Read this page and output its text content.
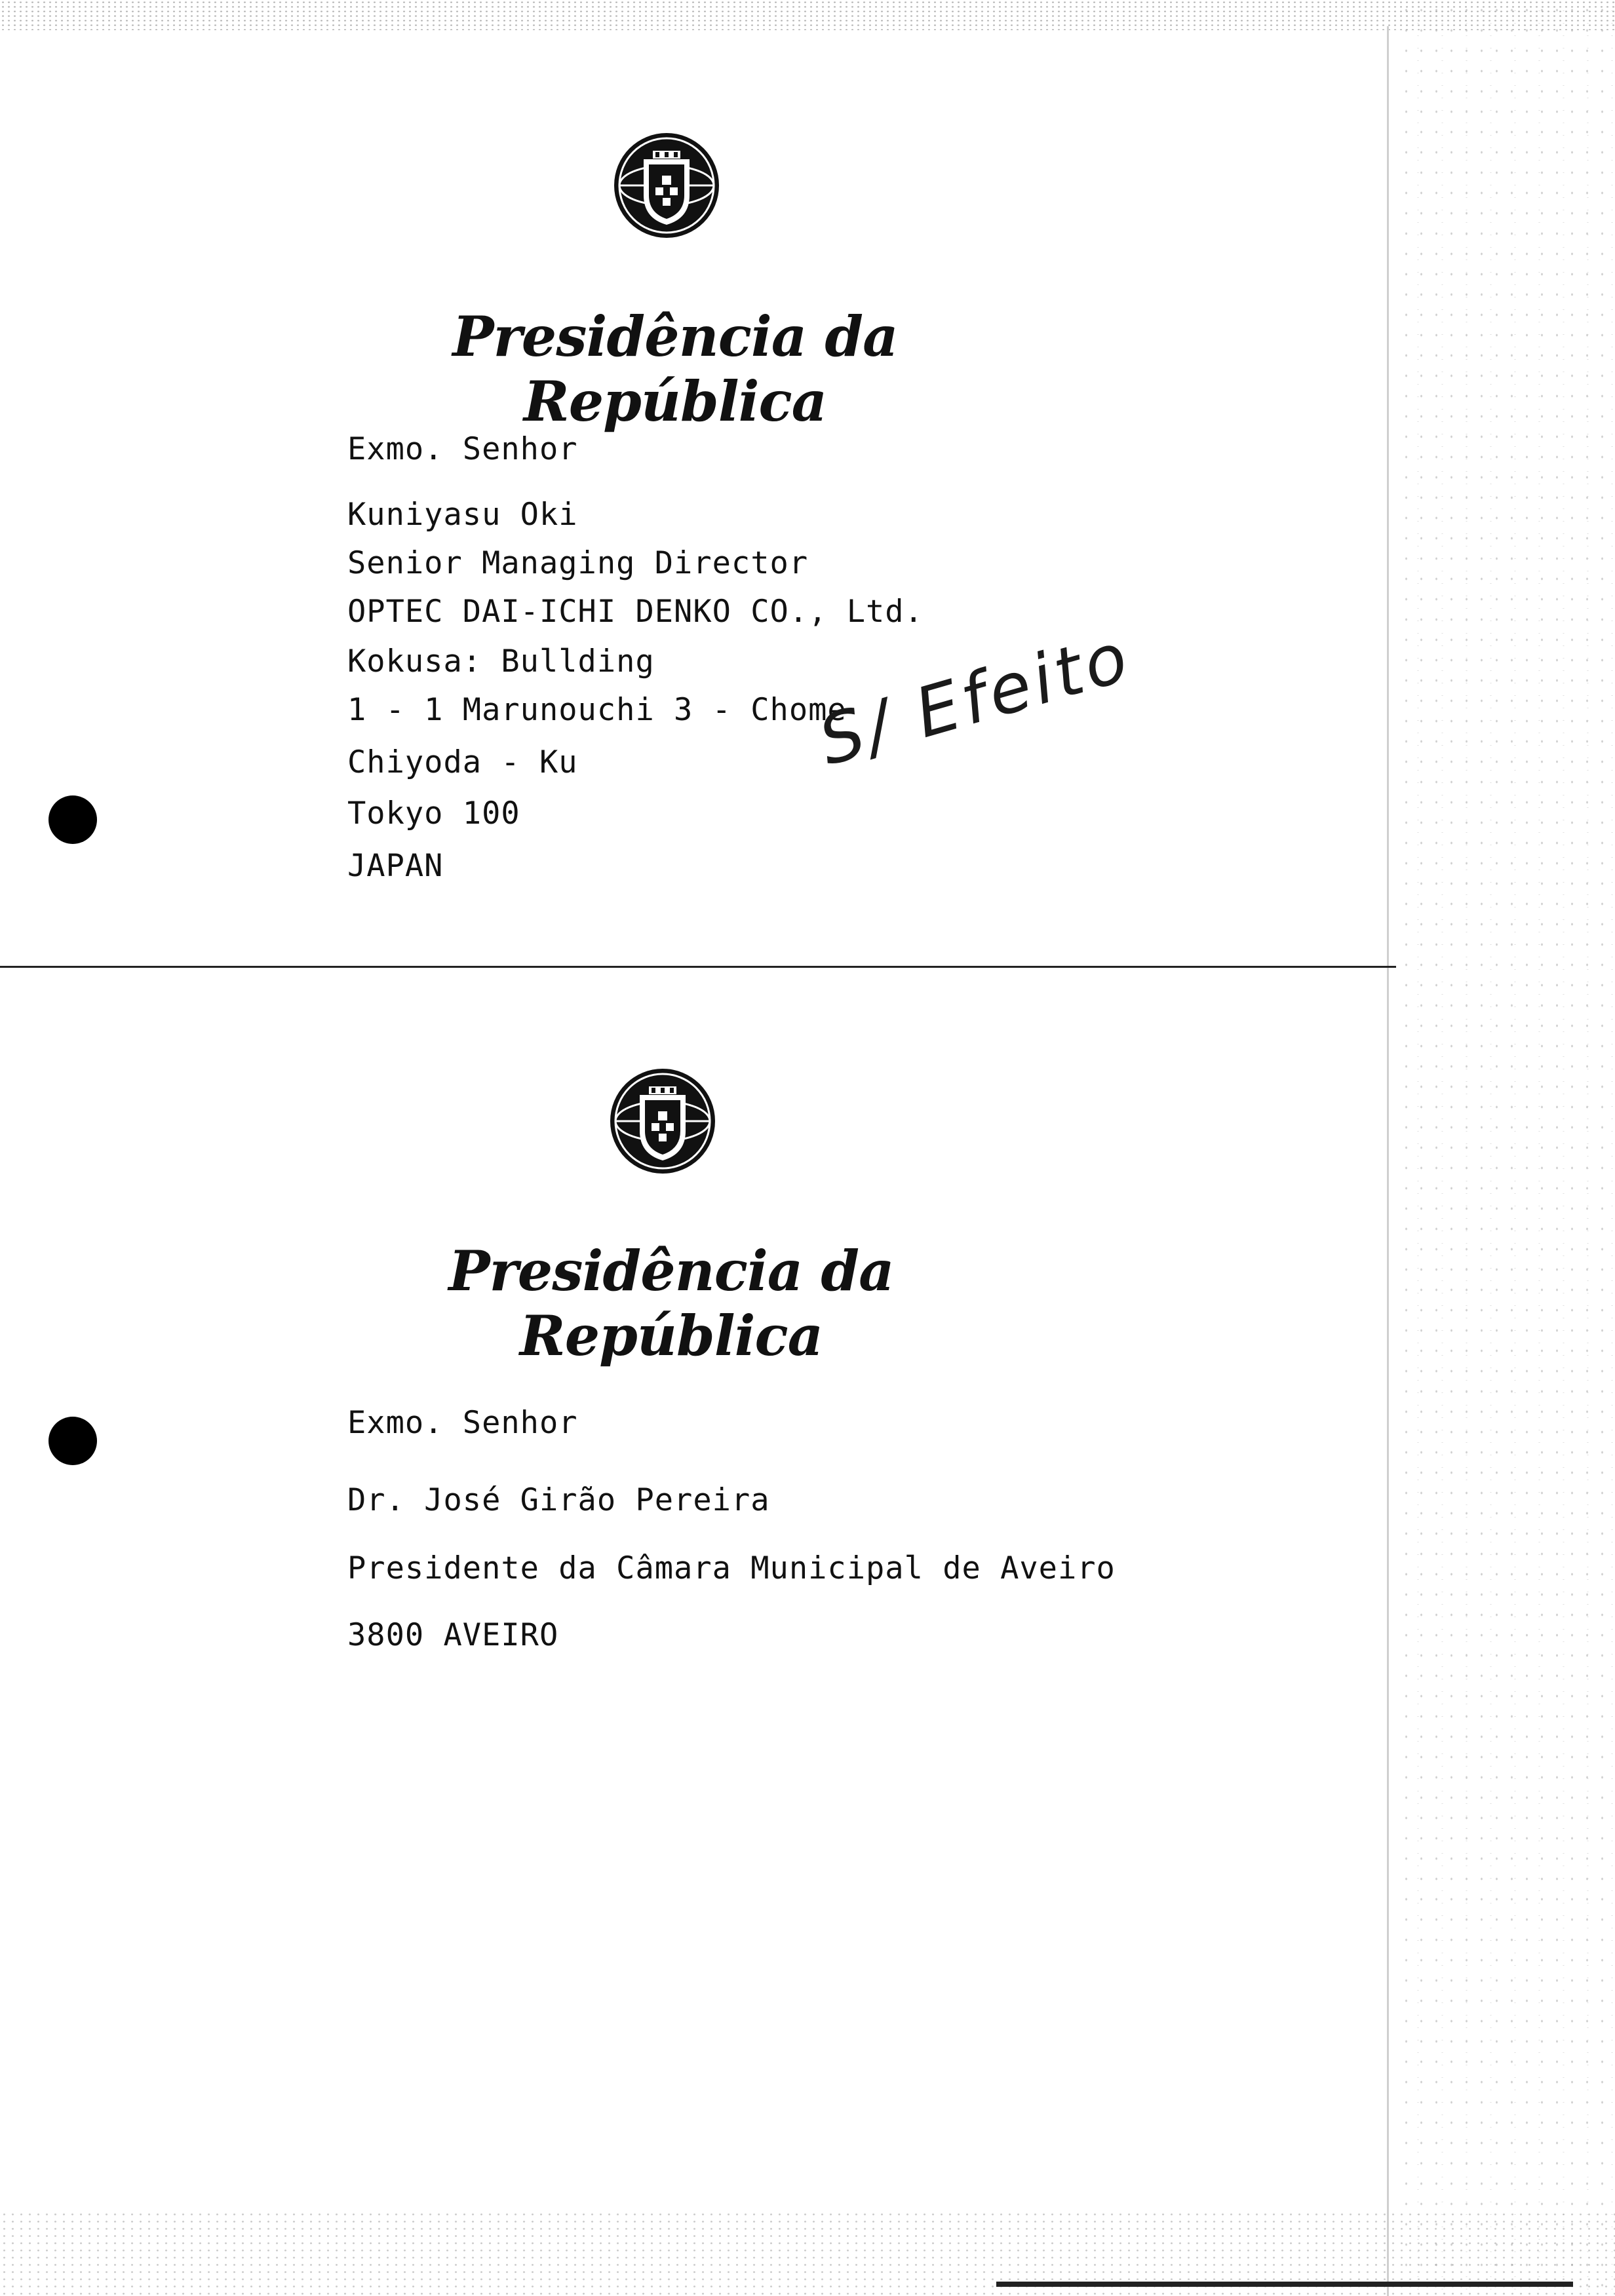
Presidência da República
Exmo. Senhor
Kuniyasu Oki
Senior Managing Director
OPTEC DAI-ICHI DENKO CO., Ltd.
Kokusa: Bullding
1 - 1 Marunouchi 3 - Chome
Chiyoda - Ku
Tokyo 100
JAPAN
S/ Efeito
Presidência da República
Exmo. Senhor
Dr. José Girão Pereira
Presidente da Câmara Municipal de Aveiro
3800 AVEIRO
